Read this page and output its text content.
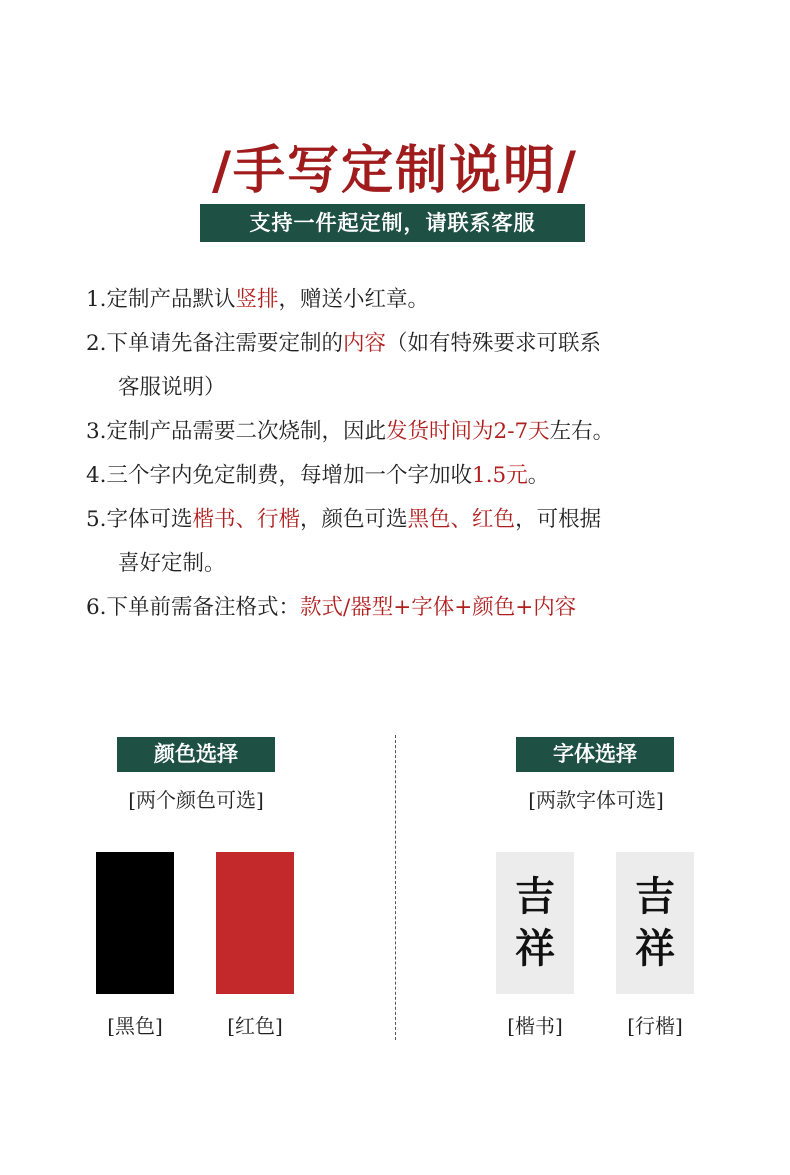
/手写定制说明/
支持一件起定制，请联系客服
1.定制产品默认竖排，赠送小红章。
2.下单请先备注需要定制的内容（如有特殊要求可联系
客服说明）
3.定制产品需要二次烧制，因此发货时间为2-7天左右。
4.三个字内免定制费，每增加一个字加收1.5元。
5.字体可选楷书、行楷，颜色可选黑色、红色，可根据
喜好定制。
6.下单前需备注格式：款式/器型+字体+颜色+内容
颜色选择
[两个颜色可选]
[黑色]	[红色]
字体选择
[两款字体可选]
吉
祥
吉
祥
[楷书]	[行楷]
